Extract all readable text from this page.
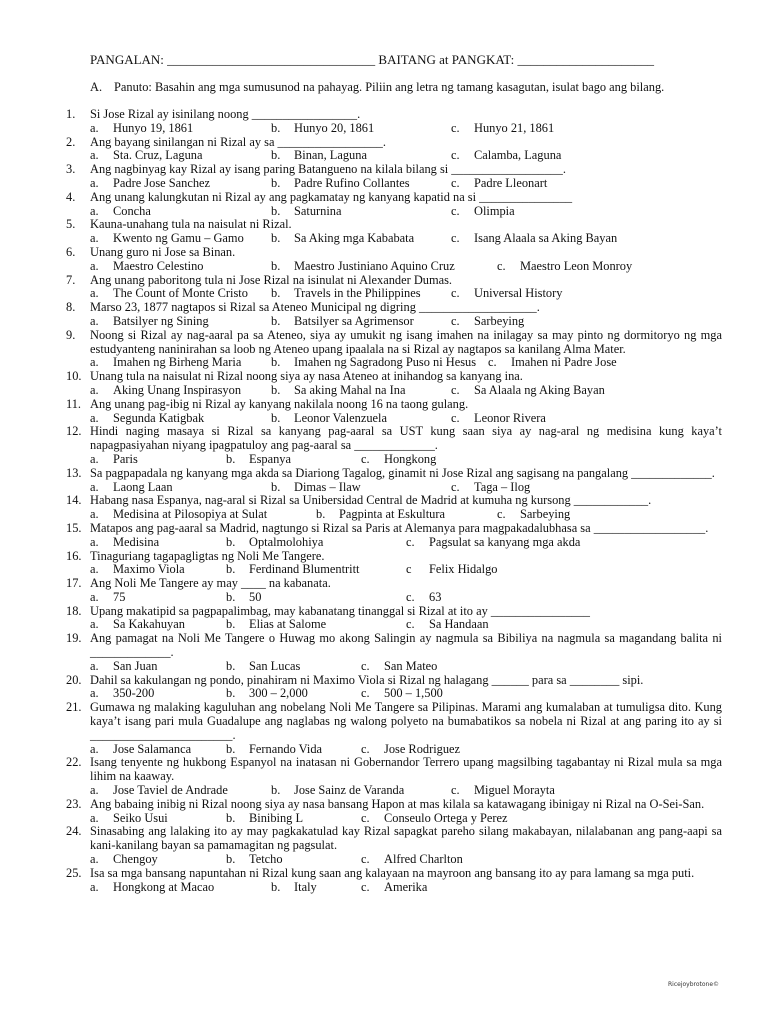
PANGALAN: ________________________________ BAITANG at PANGKAT: _____________________
A. Panuto: Basahin ang mga sumusunod na pahayag. Piliin ang letra ng tamang kasagutan, isulat bago ang bilang.
1.	Si Jose Rizal ay isinilang noong _________________.
a. Hunyo 19, 1861	b. Hunyo 20, 1861	c. Hunyo 21, 1861
2.	Ang bayang sinilangan ni Rizal ay sa _________________.
a. Sta. Cruz, Laguna	b. Binan, Laguna	c. Calamba, Laguna
3.	Ang nagbinyag kay Rizal ay isang paring Batangueno na kilala bilang si __________________.
a. Padre Jose Sanchez	b. Padre Rufino Collantes	c. Padre Lleonart
4.	Ang unang kalungkutan ni Rizal ay ang pagkamatay ng kanyang kapatid na si _______________
a. Concha	b. Saturnina	c. Olimpia
5.	Kauna-unahang tula na naisulat ni Rizal.
a. Kwento ng Gamu – Gamo b. Sa Aking mga Kababata	c. Isang Alaala sa Aking Bayan
6.	Unang guro ni Jose sa Binan.
a. Maestro Celestino	b. Maestro Justiniano Aquino Cruz	c. Maestro Leon Monroy
7.	Ang unang paboritong tula ni Jose Rizal na isinulat ni Alexander Dumas.
a. The Count of Monte Cristo b. Travels in the Philippines c. Universal History
8.	Marso 23, 1877 nagtapos si Rizal sa Ateneo Municipal ng digring ___________________.
a. Batsilyer ng Sining	b. Batsilyer sa Agrimensor	c. Sarbeying
9.	Noong si Rizal ay nag-aaral pa sa Ateneo, siya ay umukit ng isang imahen na inilagay sa may pinto ng dormitoryo ng mga estudyanteng naninirahan sa loob ng Ateneo upang ipaalala na si Rizal ay nagtapos sa kanilang Alma Mater.
a. Imahen ng Birheng Maria b. Imahen ng Sagradong Puso ni Hesus c. Imahen ni Padre Jose
10. Unang tula na naisulat ni Rizal noong siya ay nasa Ateneo at inihandog sa kanyang ina.
a. Aking Unang Inspirasyon b. Sa aking Mahal na Ina	c. Sa Alaala ng Aking Bayan
11. Ang unang pag-ibig ni Rizal ay kanyang nakilala noong 16 na taong gulang.
a. Segunda Katigbak	b. Leonor Valenzuela	c. Leonor Rivera
12. Hindi naging masaya si Rizal sa kanyang pag-aaral sa UST kung saan siya ay nag-aral ng medisina kung kaya’t napagpasiyahan niyang ipagpatuloy ang pag-aaral sa _____________.
a. Paris	b. Espanya	c. Hongkong
13. Sa pagpapadala ng kanyang mga akda sa Diariong Tagalog, ginamit ni Jose Rizal ang sagisang na pangalang _____________.
a. Laong Laan	b. Dimas – Ilaw	c. Taga – Ilog
14. Habang nasa Espanya, nag-aral si Rizal sa Unibersidad Central de Madrid at kumuha ng kursong ____________.
a. Medisina at Pilosopiya at Sulat	b. Pagpinta at Eskultura	c. Sarbeying
15. Matapos ang pag-aaral sa Madrid, nagtungo si Rizal sa Paris at Alemanya para magpakadalubhasa sa __________________.
a. Medisina	b. Optalmolohiya	c. Pagsulat sa kanyang mga akda
16. Tinaguriang tagapagligtas ng Noli Me Tangere.
a. Maximo Viola	b. Ferdinand Blumentritt	c Felix Hidalgo
17. Ang Noli Me Tangere ay may ____ na kabanata.
a. 75	b. 50	c. 63
18. Upang makatipid sa pagpapalimbag, may kabanatang tinanggal si Rizal at ito ay ________________
a. Sa Kakahuyan	b. Elias at Salome	c. Sa Handaan
19. Ang pamagat na Noli Me Tangere o Huwag mo akong Salingin ay nagmula sa Bibiliya na nagmula sa magandang balita ni _____________.
a. San Juan	b. San Lucas	c. San Mateo
20. Dahil sa kakulangan ng pondo, pinahiram ni Maximo Viola si Rizal ng halagang ______ para sa ________ sipi.
a. 350-200	b. 300 – 2,000	c. 500 – 1,500
21. Gumawa ng malaking kaguluhan ang nobelang Noli Me Tangere sa Pilipinas. Marami ang kumalaban at tumuligsa dito. Kung kaya’t isang pari mula Guadalupe ang naglabas ng walong polyeto na bumabatikos sa nobela ni Rizal at ang paring ito ay si _______________________.
a. Jose Salamanca	b. Fernando Vida	c. Jose Rodriguez
22. Isang tenyente ng hukbong Espanyol na inatasan ni Gobernandor Terrero upang magsilbing tagabantay ni Rizal mula sa mga lihim na kaaway.
a. Jose Taviel de Andrade	b. Jose Sainz de Varanda	c. Miguel Morayta
23. Ang babaing inibig ni Rizal noong siya ay nasa bansang Hapon at mas kilala sa katawagang ibinigay ni Rizal na O-Sei-San.
a. Seiko Usui	b. Binibing L	c. Conseulo Ortega y Perez
24. Sinasabing ang lalaking ito ay may pagkakatulad kay Rizal sapagkat pareho silang makabayan, nilalabanan ang pang-aapi sa kani-kanilang bayan sa pamamagitan ng pagsulat.
a. Chengoy	b. Tetcho	c. Alfred Charlton
25. Isa sa mga bansang napuntahan ni Rizal kung saan ang kalayaan na mayroon ang bansang ito ay para lamang sa mga puti.
a. Hongkong at Macao	b. Italy	c. Amerika
Ricejoybrotone©
